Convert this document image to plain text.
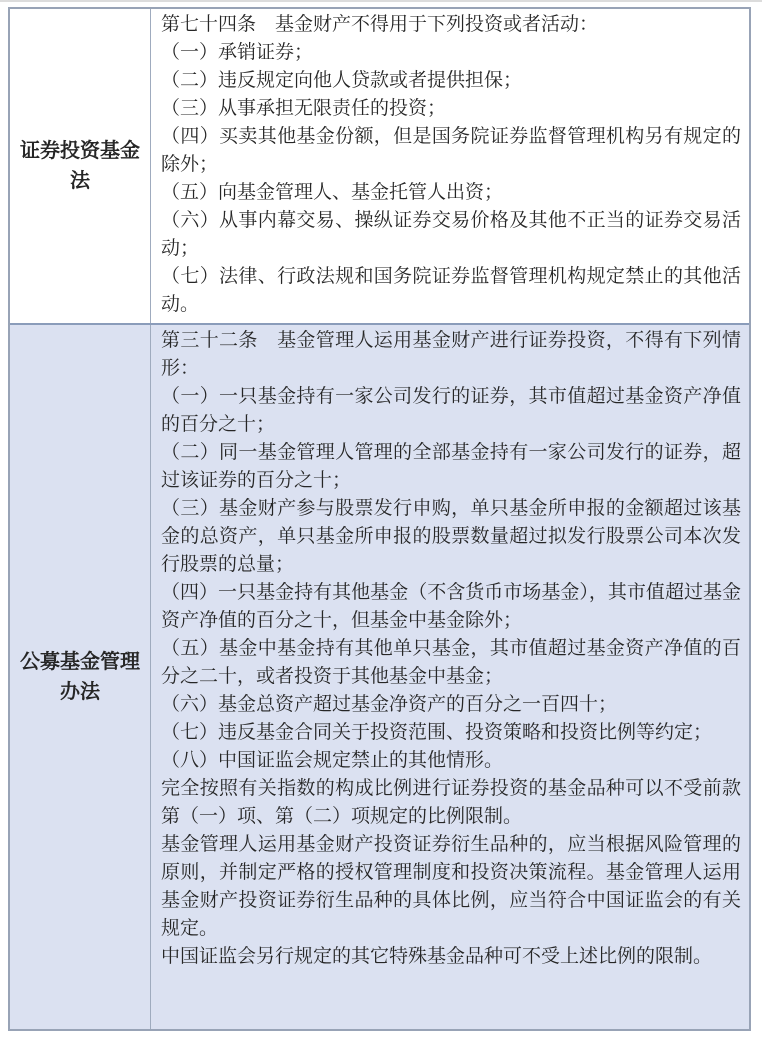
证券投资基金法

第七十四条　基金财产不得用于下列投资或者活动：

（一）承销证券；

（二）违反规定向他人贷款或者提供担保；

（三）从事承担无限责任的投资；

（四）买卖其他基金份额，但是国务院证券监督管理机构另有规定的除外；

（五）向基金管理人、基金托管人出资；

（六）从事内幕交易、操纵证券交易价格及其他不正当的证券交易活动；

（七）法律、行政法规和国务院证券监督管理机构规定禁止的其他活动。

公募基金管理办法

第三十二条　基金管理人运用基金财产进行证券投资，不得有下列情形：

（一）一只基金持有一家公司发行的证券，其市值超过基金资产净值的百分之十；

（二）同一基金管理人管理的全部基金持有一家公司发行的证券，超过该证券的百分之十；

（三）基金财产参与股票发行申购，单只基金所申报的金额超过该基金的总资产，单只基金所申报的股票数量超过拟发行股票公司本次发行股票的总量；

（四）一只基金持有其他基金（不含货币市场基金），其市值超过基金资产净值的百分之十，但基金中基金除外；

（五）基金中基金持有其他单只基金，其市值超过基金资产净值的百分之二十，或者投资于其他基金中基金；

（六）基金总资产超过基金净资产的百分之一百四十；

（七）违反基金合同关于投资范围、投资策略和投资比例等约定；

（八）中国证监会规定禁止的其他情形。

完全按照有关指数的构成比例进行证券投资的基金品种可以不受前款第（一）项、第（二）项规定的比例限制。

基金管理人运用基金财产投资证券衍生品种的，应当根据风险管理的原则，并制定严格的授权管理制度和投资决策流程。基金管理人运用基金财产投资证券衍生品种的具体比例，应当符合中国证监会的有关规定。

中国证监会另行规定的其它特殊基金品种可不受上述比例的限制。
